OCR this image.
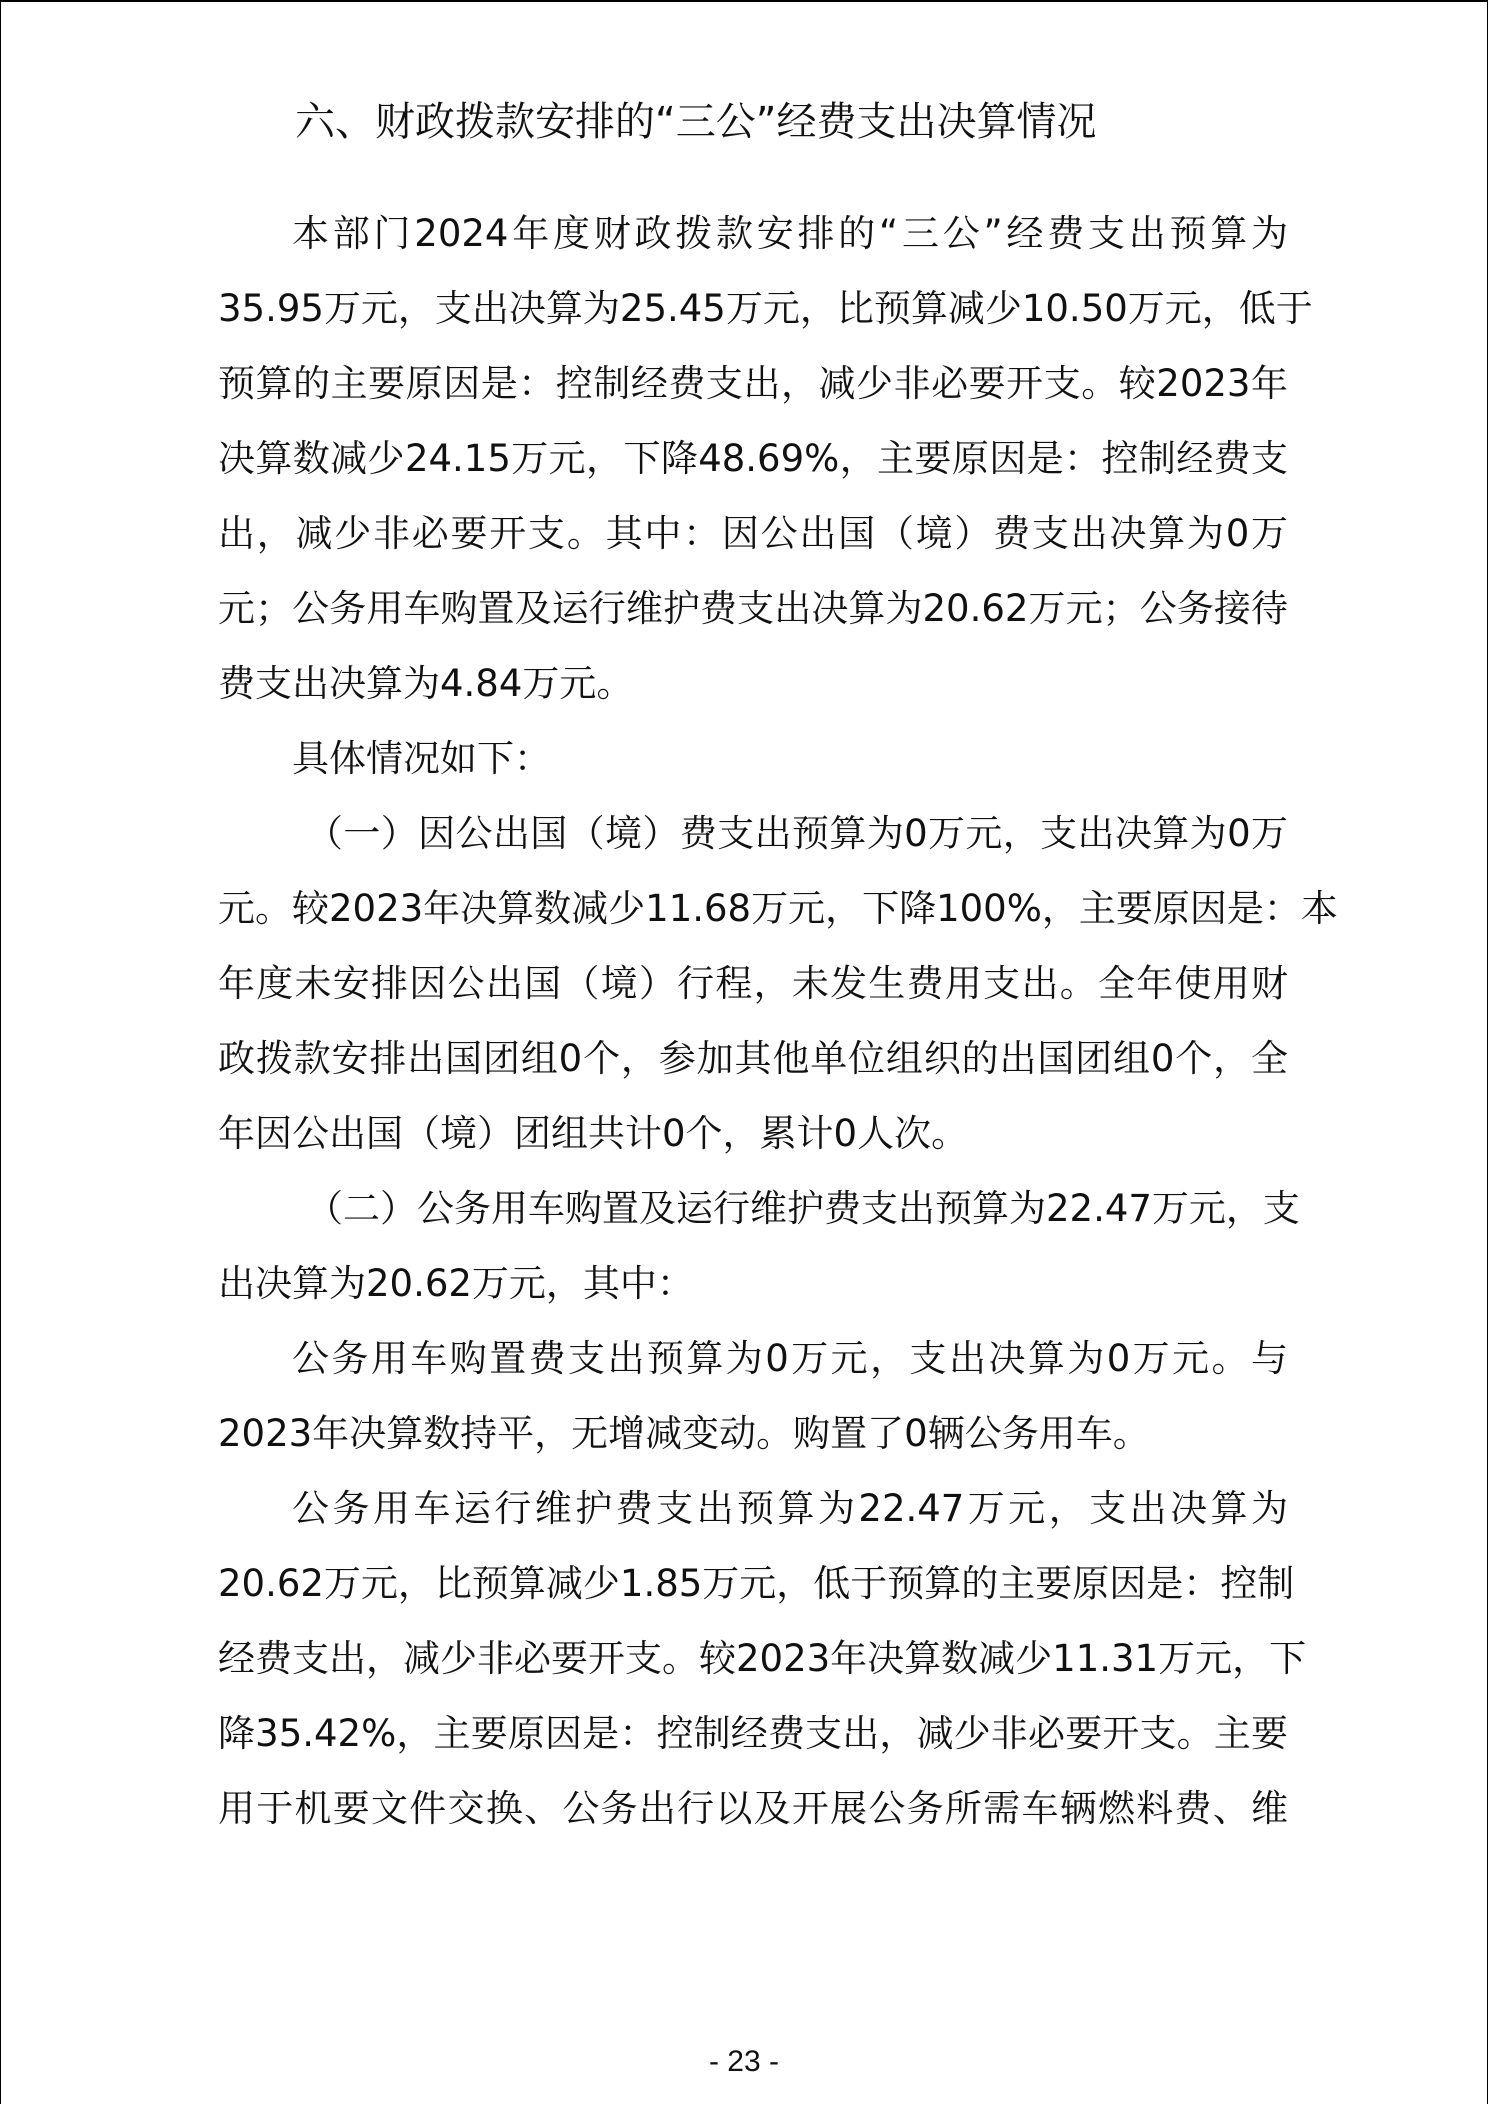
六、财政拨款安排的“三公”经费支出决算情况

本部门2024年度财政拨款安排的“三公”经费支出预算为

35.95万元，支出决算为25.45万元，比预算减少10.50万元，低于

预算的主要原因是：控制经费支出，减少非必要开支。较2023年

决算数减少24.15万元，下降48.69%，主要原因是：控制经费支

出，减少非必要开支。其中：因公出国（境）费支出决算为0万

元；公务用车购置及运行维护费支出决算为20.62万元；公务接待

费支出决算为4.84万元。

具体情况如下：

（一）因公出国（境）费支出预算为0万元，支出决算为0万

元。较2023年决算数减少11.68万元，下降100%，主要原因是：本

年度未安排因公出国（境）行程，未发生费用支出。全年使用财

政拨款安排出国团组0个，参加其他单位组织的出国团组0个，全

年因公出国（境）团组共计0个，累计0人次。

（二）公务用车购置及运行维护费支出预算为22.47万元，支

出决算为20.62万元，其中：

公务用车购置费支出预算为0万元，支出决算为0万元。与

2023年决算数持平，无增减变动。购置了0辆公务用车。

公务用车运行维护费支出预算为22.47万元，支出决算为

20.62万元，比预算减少1.85万元，低于预算的主要原因是：控制

经费支出，减少非必要开支。较2023年决算数减少11.31万元，下

降35.42%，主要原因是：控制经费支出，减少非必要开支。主要

用于机要文件交换、公务出行以及开展公务所需车辆燃料费、维

- 23 -
